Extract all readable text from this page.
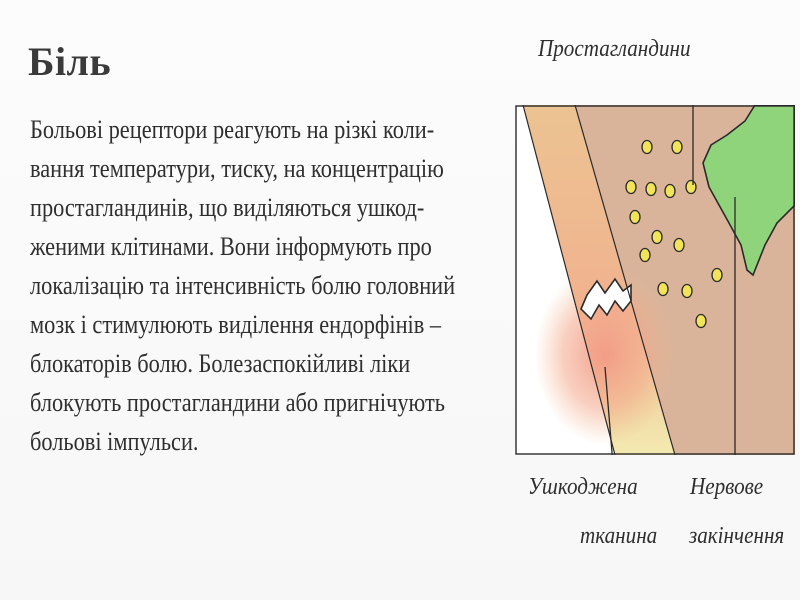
Біль
Больові рецептори реагують на різкі коли-
вання температури, тиску, на концентрацію
простагландинів, що виділяються ушкод-
женими клітинами. Вони інформують про
локалізацію та інтенсивність болю головний
мозк і стимулюють виділення ендорфінів –
блокаторів болю. Болезаспокійливі ліки
блокують простагландини або пригнічують
больові імпульси.
Простагландини
Ушкоджена
тканина
Нервове
закінчення
